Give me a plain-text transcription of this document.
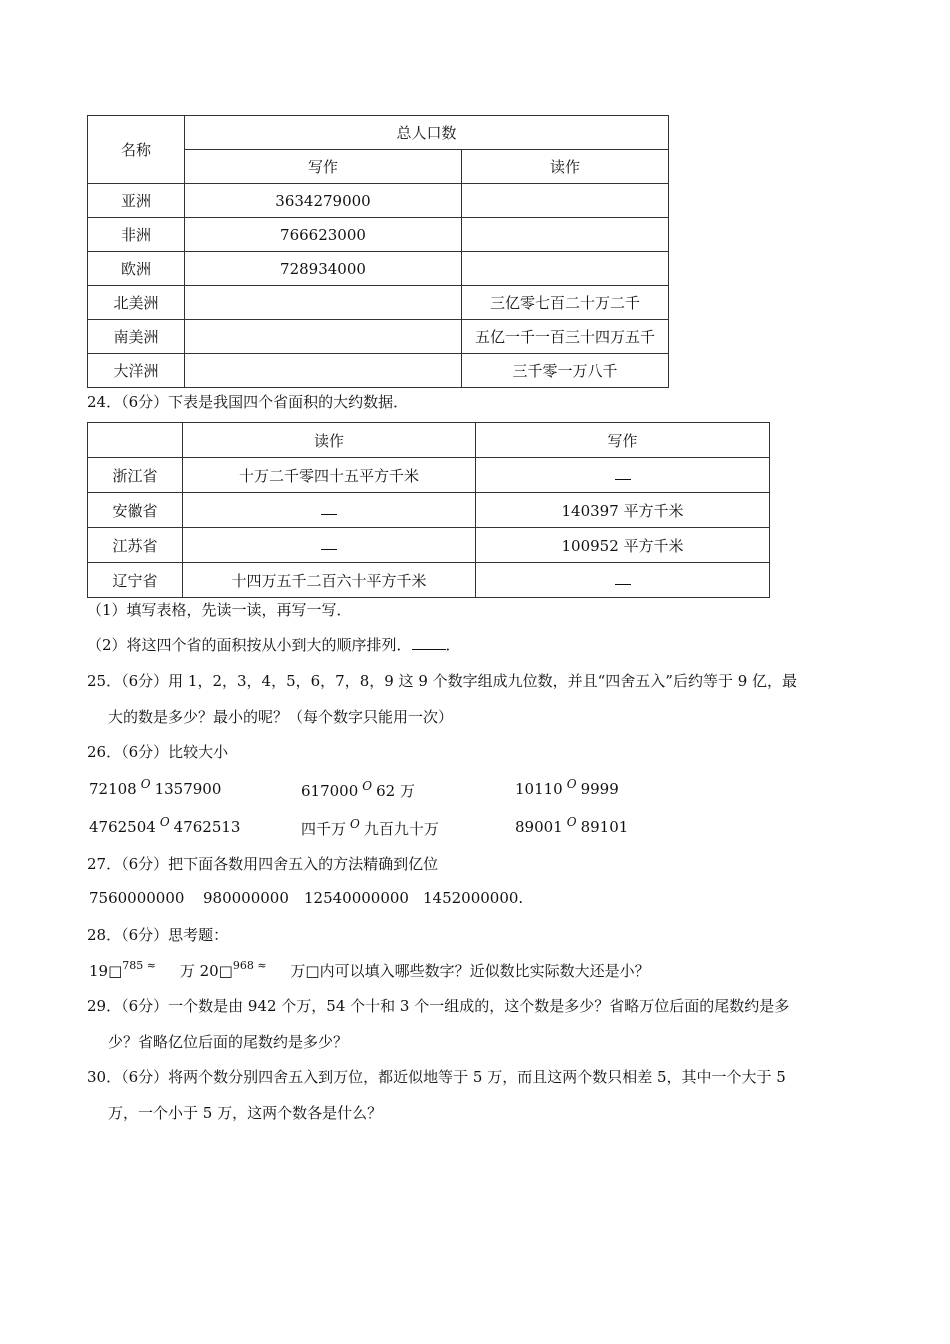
名称	总人口数	
	写作	读作
亚洲	3634279000	
非洲	766623000	
欧洲	728934000	
北美洲		三亿零七百二十万二千
南美洲		五亿一千一百三十四万五千
大洋洲		三千零一万八千
24．（6分）下表是我国四个省面积的大约数据．
	读作	写作
浙江省	十万二千零四十五平方千米	
安徽省		140397 平方千米
江苏省		100952 平方千米
辽宁省	十四万五千二百六十平方千米	
（1）填写表格，先读一读，再写一写．
（2）将这四个省的面积按从小到大的顺序排列． ．
25．（6分）用 1，2，3，4，5，6，7，8，9 这 9 个数字组成九位数，并且“四舍五入”后约等于 9 亿，最
大的数是多少？最小的呢？（每个数字只能用一次）
26．（6分）比较大小
72108 $^O$ 1357900	617000 $^O$ 62 万	10110 $^O$ 9999
4762504 $^O$ 4762513	四千万 $^O$ 九百九十万	89001 $^O$ 89101
27．（6分）把下面各数用四舍五入的方法精确到亿位
7560000000 980000000 12540000000 1452000000.
28．（6分）思考题：
19□$^{785 \approx}$ 万 20□$^{968 \approx}$ 万□内可以填入哪些数字？近似数比实际数大还是小？
29．（6分）一个数是由 942 个万，54 个十和 3 个一组成的，这个数是多少？省略万位后面的尾数约是多
少？省略亿位后面的尾数约是多少？
30．（6分）将两个数分别四舍五入到万位，都近似地等于 5 万，而且这两个数只相差 5，其中一个大于 5
万，一个小于 5 万，这两个数各是什么？
